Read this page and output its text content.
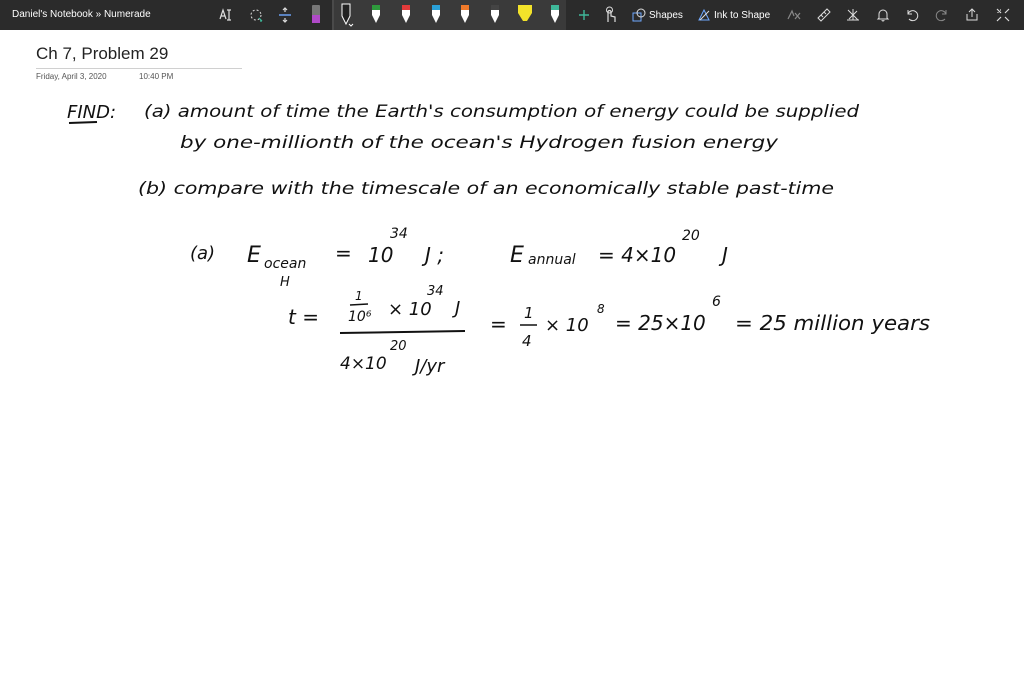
Daniel's Notebook » Numerade	Shapes	Ink to Shape
Ch 7, Problem 29
Friday, April 3, 2020	10:40 PM
FIND: (a) amount of time the Earth's consumption of energy could be supplied
by one-millionth of the ocean's Hydrogen fusion energy
(b) compare with the timescale of an economically stable past-time
(a) E ocean
H
= 10
34
J ;	E annual = 4×10
20
J
t =
1
10⁶ × 10
34
J
4×10
20
J/yr
= 1
4
× 10
8
= 25×10
6
= 25 million years
